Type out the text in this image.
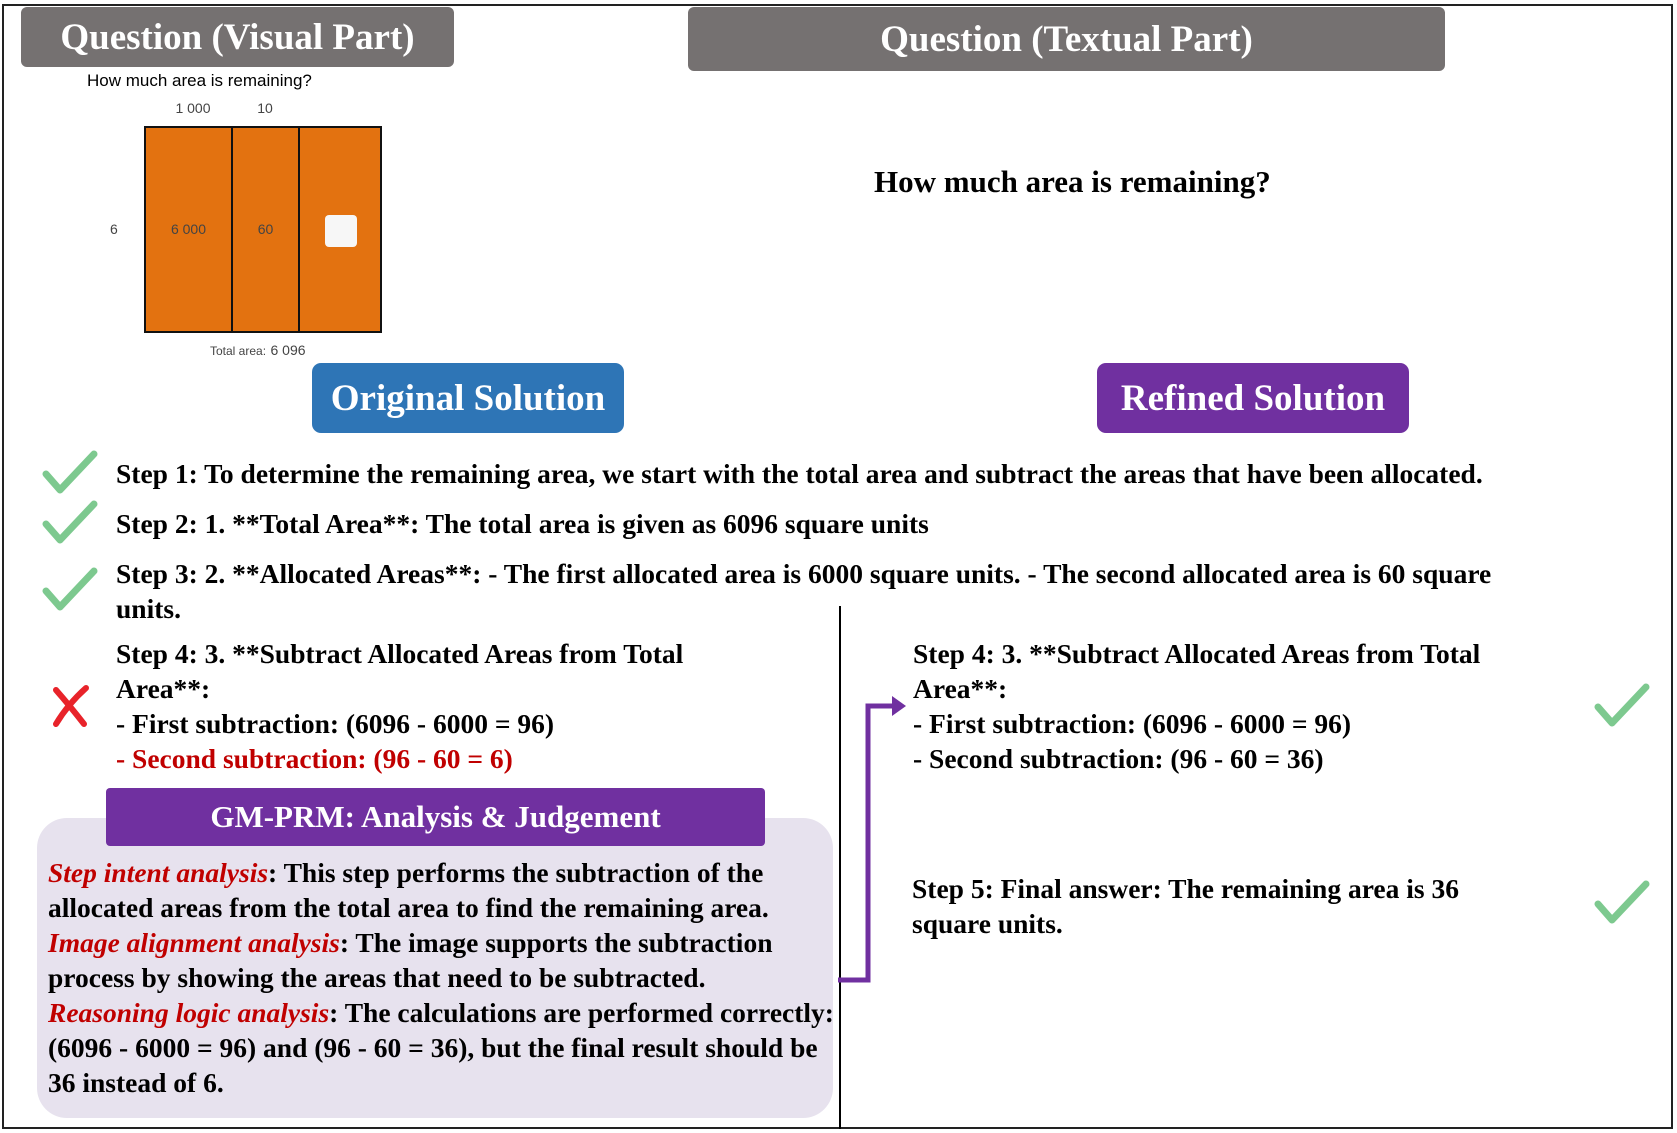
Question (Visual Part)	Question (Textual Part)
How much area is remaining?
1 000	10
6	6 000	60
Total area: 6 096
How much area is remaining?
Original Solution	Refined Solution
Step 1: To determine the remaining area, we start with the total area and subtract the areas that have been allocated.
Step 2: 1. **Total Area**: The total area is given as 6096 square units
Step 3: 2. **Allocated Areas**: - The first allocated area is 6000 square units. - The second allocated area is 60 square
units.
Step 4: 3. **Subtract Allocated Areas from Total
Area**:
- First subtraction: (6096 - 6000 = 96)
- Second subtraction: (96 - 60 = 6)
GM-PRM: Analysis & Judgement
Step intent analysis: This step performs the subtraction of the allocated areas from the total area to find the remaining area.
Image alignment analysis: The image supports the subtraction process by showing the areas that need to be subtracted.
Reasoning logic analysis: The calculations are performed correctly: (6096 - 6000 = 96) and (96 - 60 = 36), but the final result should be 36 instead of 6.
Step 4: 3. **Subtract Allocated Areas from Total
Area**:
- First subtraction: (6096 - 6000 = 96)
- Second subtraction: (96 - 60 = 36)
Step 5: Final answer: The remaining area is 36
square units.
